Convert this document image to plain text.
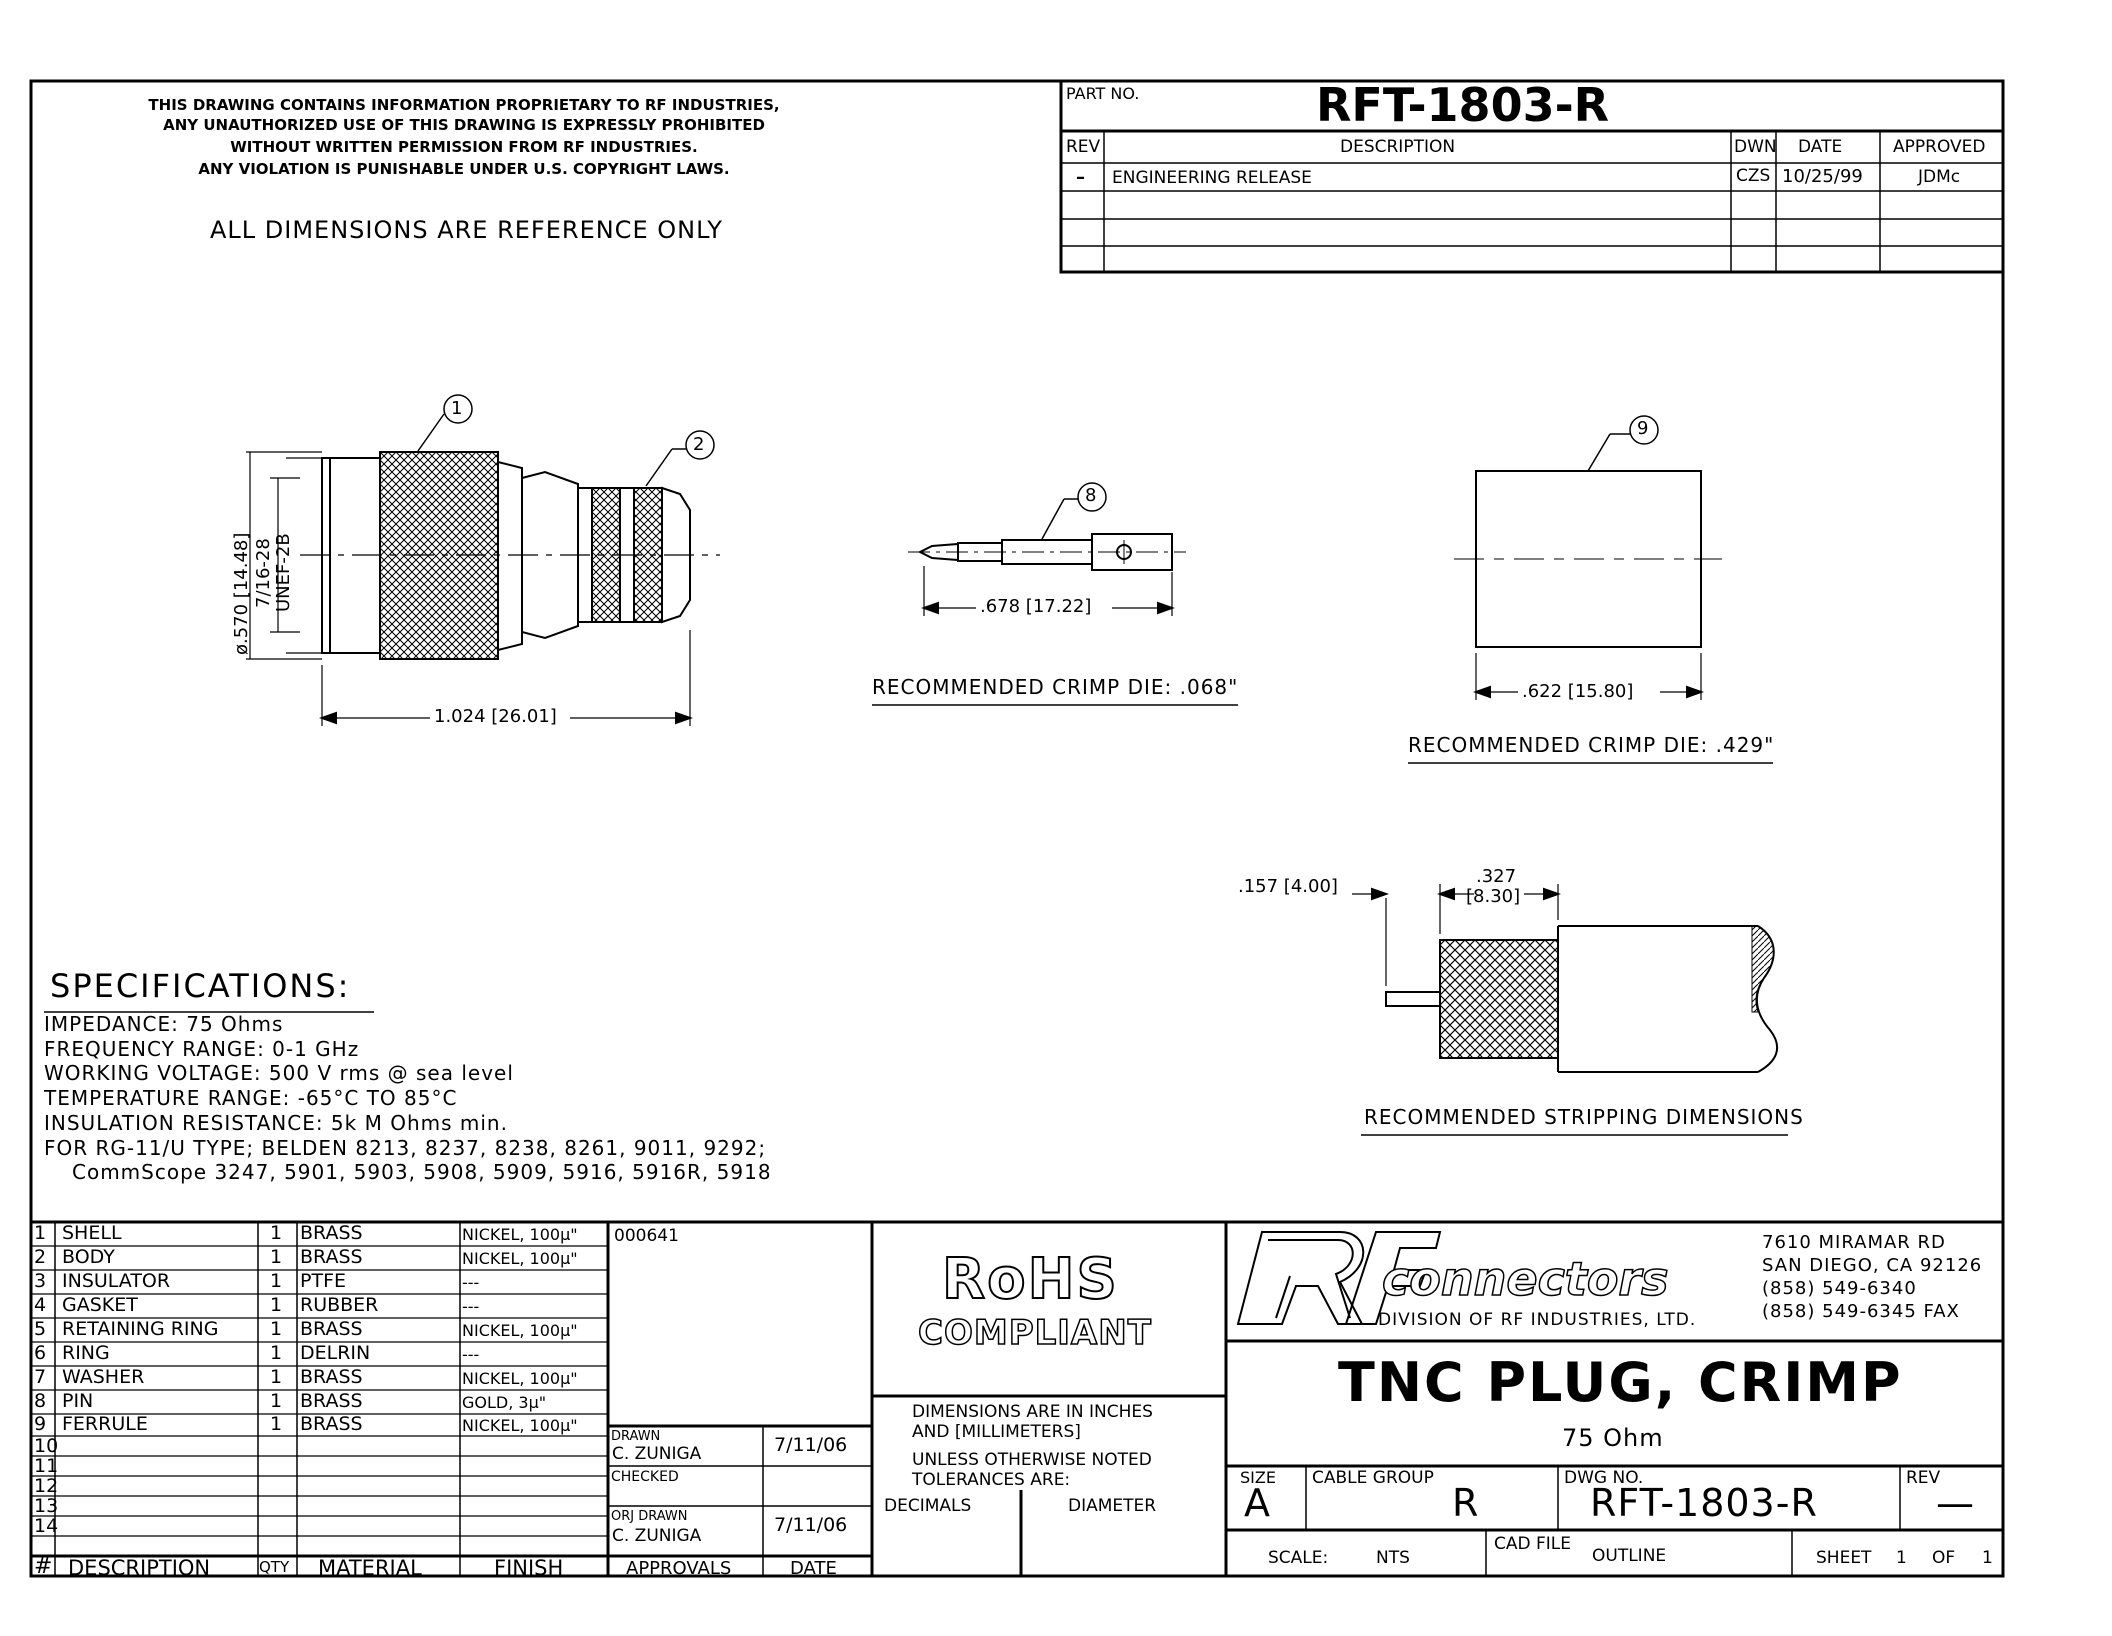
THIS DRAWING CONTAINS INFORMATION PROPRIETARY TO RF INDUSTRIES,
ANY UNAUTHORIZED USE OF THIS DRAWING IS EXPRESSLY PROHIBITED
WITHOUT WRITTEN PERMISSION FROM RF INDUSTRIES.
ANY VIOLATION IS PUNISHABLE UNDER U.S. COPYRIGHT LAWS.
ALL DIMENSIONS ARE REFERENCE ONLY
PART NO.	RFT-1803-R
REV	DESCRIPTION	DWN DATE	APPROVED
– ENGINEERING RELEASE	CZS 10/25/99	JDMc
1
2
8
9
1.024 [26.01]
ø.570 [14.48] 7/16-28 UNEF-2B	.678 [17.22]
.622 [15.80]
.157 [4.00]	.327
[8.30]
RECOMMENDED CRIMP DIE: .068"
RECOMMENDED CRIMP DIE: .429"
RECOMMENDED STRIPPING DIMENSIONS
SPECIFICATIONS:
IMPEDANCE: 75 Ohms
FREQUENCY RANGE: 0-1 GHz
WORKING VOLTAGE: 500 V rms @ sea level
TEMPERATURE RANGE: -65°C TO 85°C
INSULATION RESISTANCE: 5k M Ohms min.
FOR RG-11/U TYPE; BELDEN 8213, 8237, 8238, 8261, 9011, 9292;
CommScope 3247, 5901, 5903, 5908, 5909, 5916, 5916R, 5918
1 SHELL	1 BRASS	NICKEL, 100µ"
2 BODY	1 BRASS	NICKEL, 100µ"
3 INSULATOR	1 PTFE	---
4 GASKET	1 RUBBER	---
5 RETAINING RING	1 BRASS	NICKEL, 100µ"
6 RING	1 DELRIN	---
7 WASHER	1 BRASS	NICKEL, 100µ"
8 PIN	1 BRASS	GOLD, 3µ"
9 FERRULE	1 BRASS	NICKEL, 100µ"
10
11
12
13
14
# DESCRIPTION	QTY MATERIAL	FINISH
000641
DRAWN
C. ZUNIGA	7/11/06
CHECKED
ORJ DRAWN
C. ZUNIGA	7/11/06
APPROVALS	DATE
RoHS
COMPLIANT
DIMENSIONS ARE IN INCHES
AND [MILLIMETERS]
UNLESS OTHERWISE NOTED
TOLERANCES ARE:
DECIMALS	DIAMETER
connectors
DIVISION OF RF INDUSTRIES, LTD.
7610 MIRAMAR RD
SAN DIEGO, CA 92126
(858) 549-6340
(858) 549-6345 FAX
TNC PLUG, CRIMP
75 Ohm
SIZE
A
CABLE GROUP
R
DWG NO.
RFT-1803-R
REV
—
SCALE:	NTS
CAD FILE
OUTLINE	SHEET 1 OF 1
